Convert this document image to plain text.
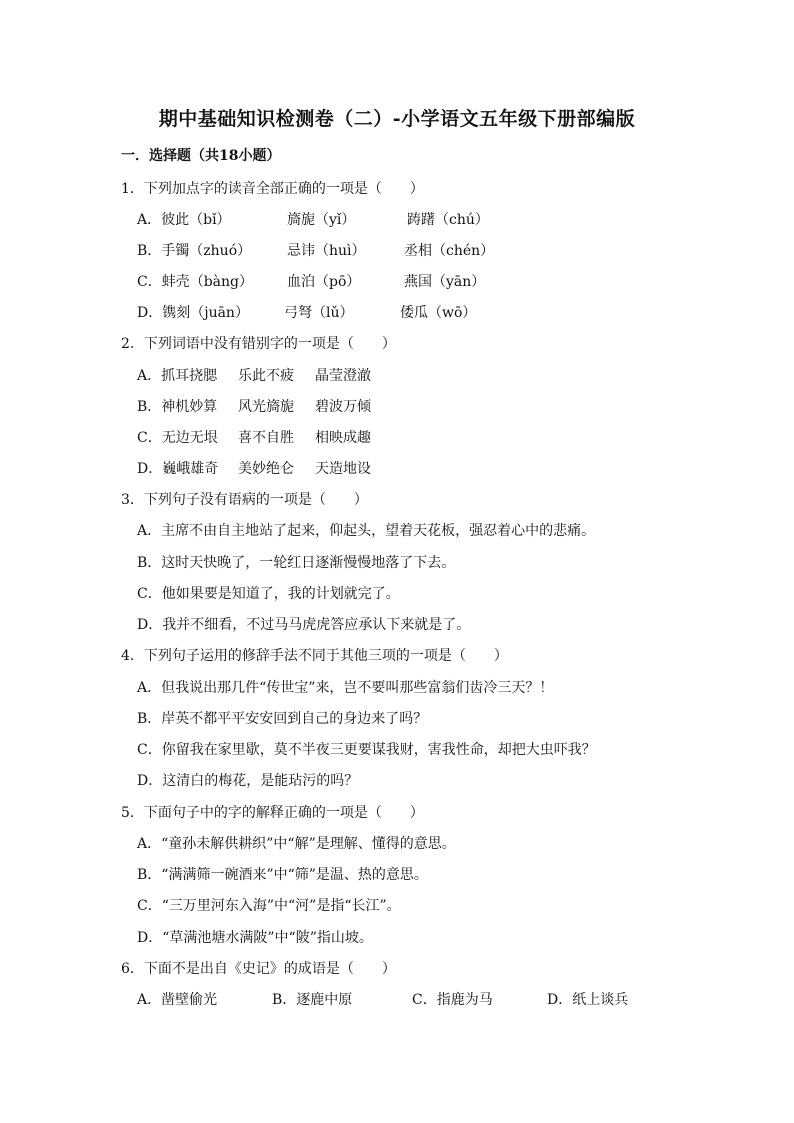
期中基础知识检测卷（二）-小学语文五年级下册部编版
一．选择题（共18小题）
1．下列加点字的读音全部正确的一项是（　　）
A．彼此（bǐ）	旖旎（yǐ）	踌躇（chú）
B．手镯（zhuó）	忌讳（huì）	丞相（chén）
C．蚌壳（bàng） 血泊（pō）	燕国（yān）
D．镌刻（juān）	弓弩（lǔ）	倭瓜（wō）
2．下列词语中没有错别字的一项是（　　）
A．抓耳挠腮 乐此不疲 晶莹澄澈
B．神机妙算 风光旖旎 碧波万倾
C．无边无垠 喜不自胜 相映成趣
D．巍峨雄奇 美妙绝仑 天造地设
3．下列句子没有语病的一项是（　　）
A．主席不由自主地站了起来，仰起头，望着天花板，强忍着心中的悲痛。
B．这时天快晚了，一轮红日逐渐慢慢地落了下去。
C．他如果要是知道了，我的计划就完了。
D．我并不细看，不过马马虎虎答应承认下来就是了。
4．下列句子运用的修辞手法不同于其他三项的一项是（　　）
A．但我说出那几件“传世宝”来，岂不要叫那些富翁们齿冷三天？！
B．岸英不都平平安安回到自己的身边来了吗？
C．你留我在家里歇，莫不半夜三更要谋我财，害我性命，却把大虫吓我？
D．这清白的梅花，是能玷污的吗？
5．下面句子中的字的解释正确的一项是（　　）
A．“童孙未解供耕织”中“解”是理解、懂得的意思。
B．“满满筛一碗酒来”中“筛”是温、热的意思。
C．“三万里河东入海”中“河”是指“长江”。
D．“草满池塘水满陂”中“陂”指山坡。
6．下面不是出自《史记》的成语是（　　）
A．凿壁偷光	B．逐鹿中原	C．指鹿为马	D．纸上谈兵
